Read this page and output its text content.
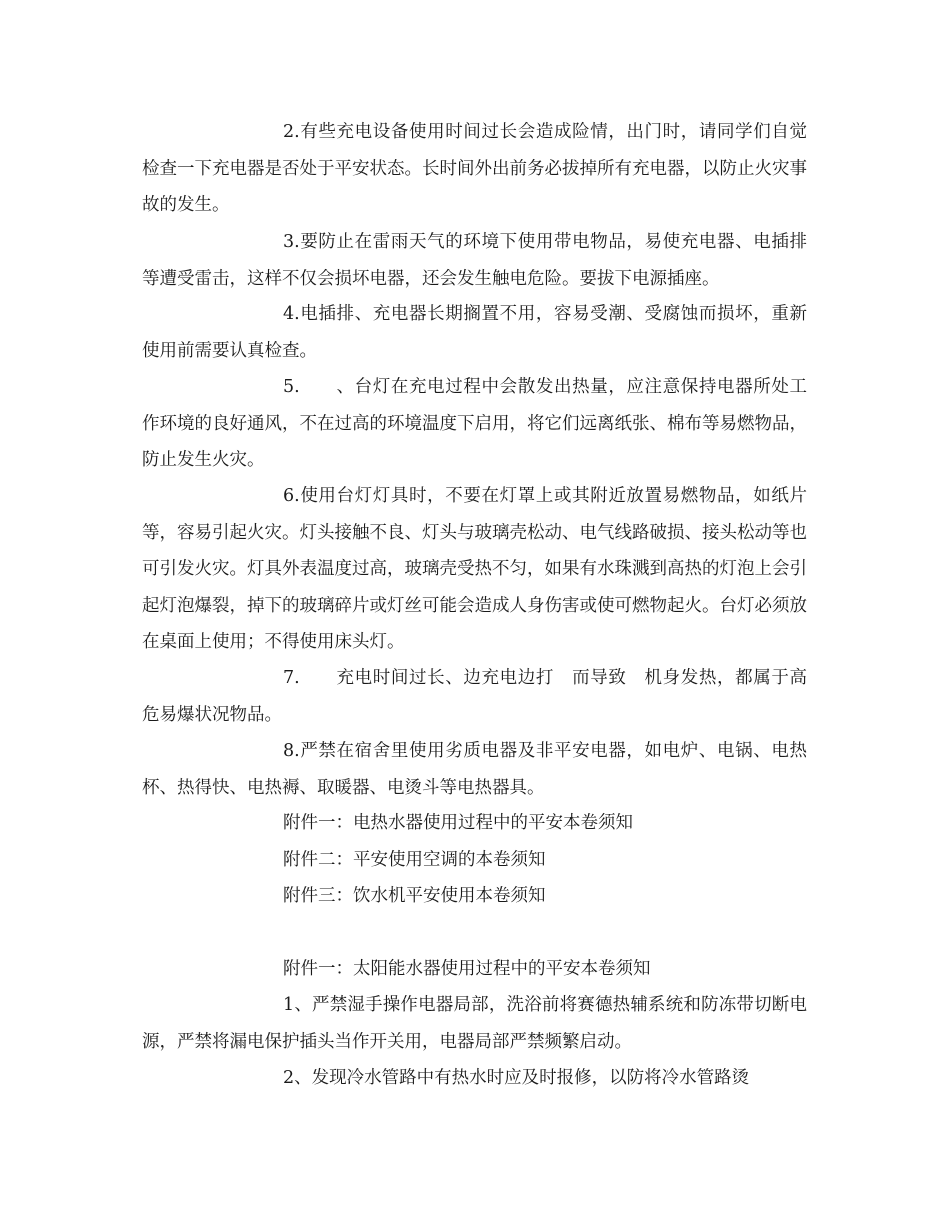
2.有些充电设备使用时间过长会造成险情，出门时，请同学们自觉检查一下充电器是否处于平安状态。长时间外出前务必拔掉所有充电器，以防止火灾事故的发生。

3.要防止在雷雨天气的环境下使用带电物品，易使充电器、电插排等遭受雷击，这样不仅会损坏电器，还会发生触电危险。要拔下电源插座。

4.电插排、充电器长期搁置不用，容易受潮、受腐蚀而损坏，重新使用前需要认真检查。

5.　　、台灯在充电过程中会散发出热量，应注意保持电器所处工作环境的良好通风，不在过高的环境温度下启用，将它们远离纸张、棉布等易燃物品，防止发生火灾。

6.使用台灯灯具时，不要在灯罩上或其附近放置易燃物品，如纸片等，容易引起火灾。灯头接触不良、灯头与玻璃壳松动、电气线路破损、接头松动等也可引发火灾。灯具外表温度过高，玻璃壳受热不匀，如果有水珠溅到高热的灯泡上会引起灯泡爆裂，掉下的玻璃碎片或灯丝可能会造成人身伤害或使可燃物起火。台灯必须放在桌面上使用；不得使用床头灯。

7.　　充电时间过长、边充电边打　而导致　机身发热，都属于高危易爆状况物品。

8.严禁在宿舍里使用劣质电器及非平安电器，如电炉、电锅、电热杯、热得快、电热褥、取暖器、电烫斗等电热器具。

附件一：电热水器使用过程中的平安本卷须知

附件二：平安使用空调的本卷须知

附件三：饮水机平安使用本卷须知

附件一：太阳能水器使用过程中的平安本卷须知

1、严禁湿手操作电器局部，洗浴前将赛德热辅系统和防冻带切断电源，严禁将漏电保护插头当作开关用，电器局部严禁频繁启动。

2、发现冷水管路中有热水时应及时报修，以防将冷水管路烫
